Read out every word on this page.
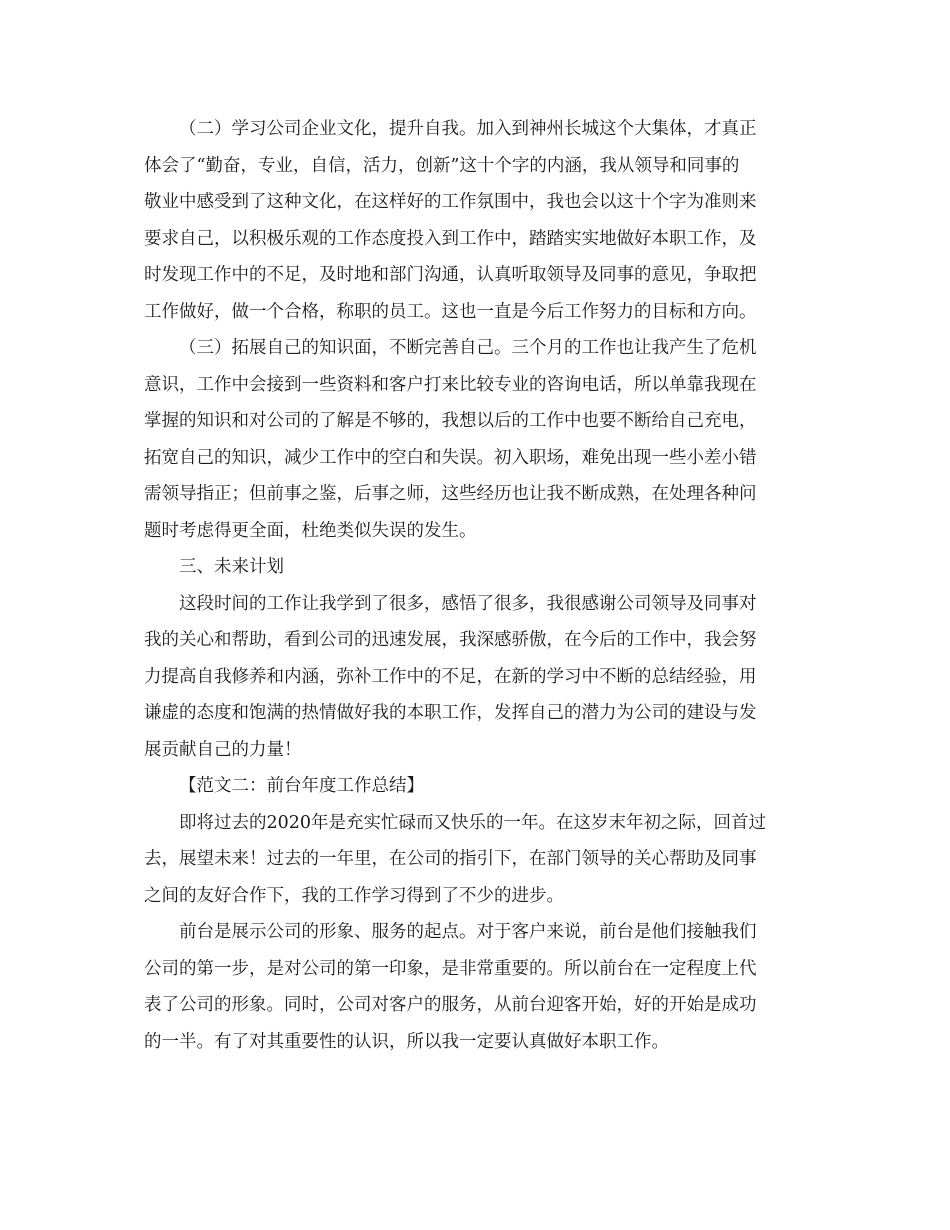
（二）学习公司企业文化，提升自我。加入到神州长城这个大集体，才真正
体会了“勤奋，专业，自信，活力，创新”这十个字的内涵，我从领导和同事的
敬业中感受到了这种文化，在这样好的工作氛围中，我也会以这十个字为准则来
要求自己，以积极乐观的工作态度投入到工作中，踏踏实实地做好本职工作，及
时发现工作中的不足，及时地和部门沟通，认真听取领导及同事的意见，争取把
工作做好，做一个合格，称职的员工。这也一直是今后工作努力的目标和方向。

（三）拓展自己的知识面，不断完善自己。三个月的工作也让我产生了危机
意识，工作中会接到一些资料和客户打来比较专业的咨询电话，所以单靠我现在
掌握的知识和对公司的了解是不够的，我想以后的工作中也要不断给自己充电，
拓宽自己的知识，减少工作中的空白和失误。初入职场，难免出现一些小差小错
需领导指正；但前事之鉴，后事之师，这些经历也让我不断成熟，在处理各种问
题时考虑得更全面，杜绝类似失误的发生。

三、未来计划

这段时间的工作让我学到了很多，感悟了很多，我很感谢公司领导及同事对
我的关心和帮助，看到公司的迅速发展，我深感骄傲，在今后的工作中，我会努
力提高自我修养和内涵，弥补工作中的不足，在新的学习中不断的总结经验，用
谦虚的态度和饱满的热情做好我的本职工作，发挥自己的潜力为公司的建设与发
展贡献自己的力量！

【范文二：前台年度工作总结】

即将过去的2020年是充实忙碌而又快乐的一年。在这岁末年初之际，回首过
去，展望未来！过去的一年里，在公司的指引下，在部门领导的关心帮助及同事
之间的友好合作下，我的工作学习得到了不少的进步。

前台是展示公司的形象、服务的起点。对于客户来说，前台是他们接触我们
公司的第一步，是对公司的第一印象，是非常重要的。所以前台在一定程度上代
表了公司的形象。同时，公司对客户的服务，从前台迎客开始，好的开始是成功
的一半。有了对其重要性的认识，所以我一定要认真做好本职工作。
